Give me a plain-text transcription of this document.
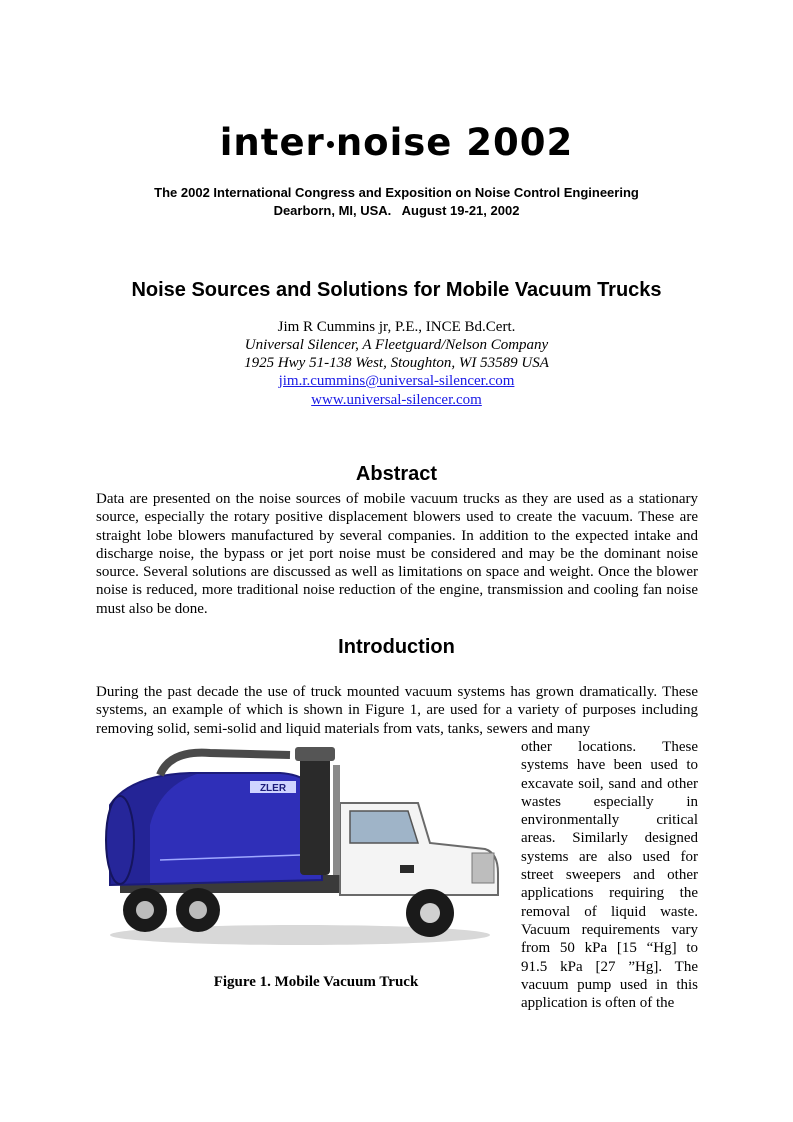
inter noise 2002
The 2002 International Congress and Exposition on Noise Control Engineering
Dearborn, MI, USA.   August 19-21, 2002
Noise Sources and Solutions for Mobile Vacuum Trucks
Jim R Cummins jr, P.E., INCE Bd.Cert.
Universal Silencer, A Fleetguard/Nelson Company
1925 Hwy 51-138 West, Stoughton, WI 53589 USA
jim.r.cummins@universal-silencer.com
www.universal-silencer.com
Abstract

Data are presented on the noise sources of mobile vacuum trucks as they are used as a stationary source, especially the rotary positive displacement blowers used to create the vacuum. These are straight lobe blowers manufactured by several companies. In addition to the expected intake and discharge noise, the bypass or jet port noise must be considered and may be the dominant noise source. Several solutions are discussed as well as limitations on space and weight. Once the blower noise is reduced, more traditional noise reduction of the engine, transmission and cooling fan noise must also be done.

Introduction

During the past decade the use of truck mounted vacuum systems has grown dramatically. These systems, an example of which is shown in Figure 1, are used for a variety of purposes including removing solid, semi-solid and liquid materials from vats, tanks, sewers and many

other locations. These systems have been used to excavate soil, sand and other wastes especially in environmentally critical areas. Similarly designed systems are also used for street sweepers and other applications requiring the removal of liquid waste. Vacuum requirements vary from 50 kPa [15 “Hg] to 91.5 kPa [27 ”Hg]. The vacuum pump used in this application is often of the

ZLER
Figure 1. Mobile Vacuum Truck
